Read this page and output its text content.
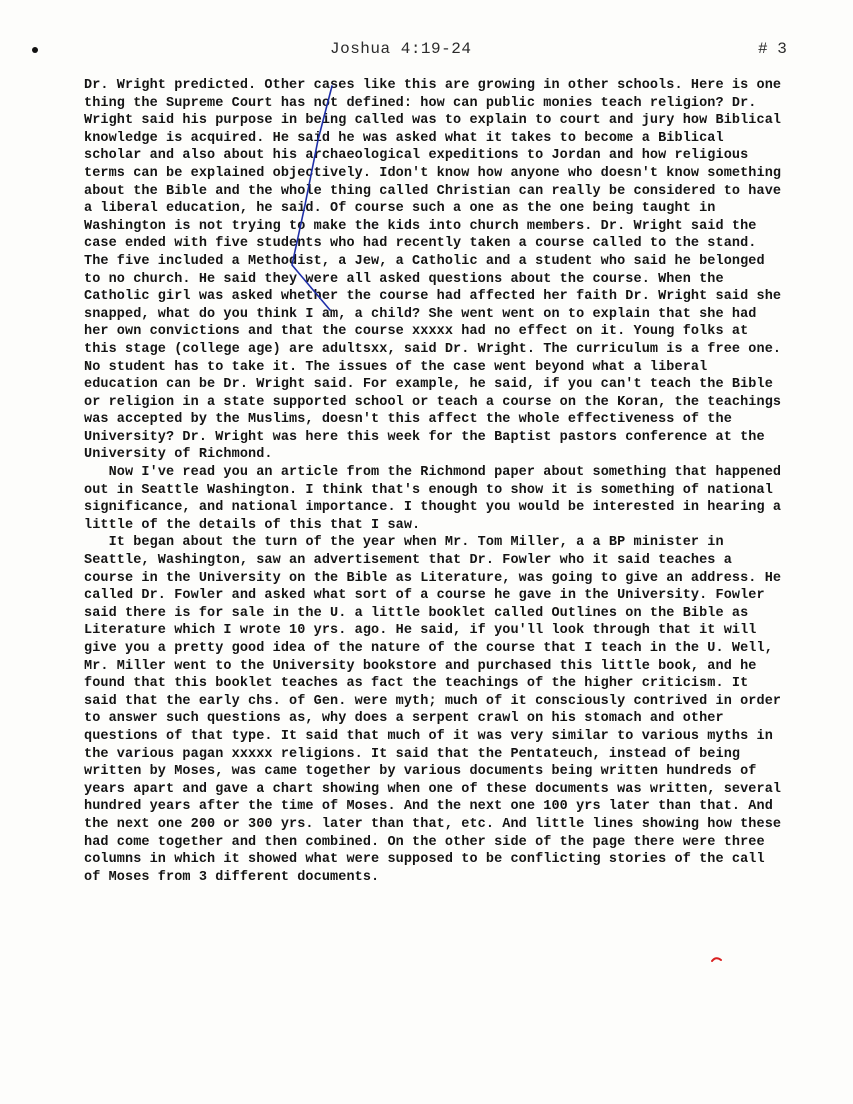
Joshua 4:19-24	# 3

Dr. Wright predicted. Other cases like this are growing in other schools. Here is one thing the Supreme Court has not defined: how can public monies teach religion? Dr. Wright said his purpose in being called was to explain to court and jury how Biblical knowledge is acquired. He said he was asked what it takes to become a Biblical scholar and also about his archaeological expeditions to Jordan and how religious terms can be explained objectively. Idon't know how anyone who doesn't know something about the Bible and the whole thing called Christian can really be considered to have a liberal education, he said. Of course such a one as the one being taught in Washington is not trying to make the kids into church members. Dr. Wright said the case ended with five students who had recently taken a course called to the stand. The five included a Methodist, a Jew, a Catholic and a student who said he belonged to no church. He said they were all asked questions about the course. When the Catholic girl was asked whether the course had affected her faith Dr. Wright said she snapped, what do you think I am, a child? She went went on to explain that she had her own convictions and that the course xxxxx had no effect on it. Young folks at this stage (college age) are adultsxx, said Dr. Wright. The curriculum is a free one. No student has to take it. The issues of the case went beyond what a liberal education can be Dr. Wright said. For example, he said, if you can't teach the Bible or religion in a state supported school or teach a course on the Koran, the teachings was accepted by the Muslims, doesn't this affect the whole effectiveness of the University? Dr. Wright was here this week for the Baptist pastors conference at the University of Richmond.

Now I've read you an article from the Richmond paper about something that happened out in Seattle Washington. I think that's enough to show it is something of national significance, and national importance. I thought you would be interested in hearing a little of the details of this that I saw.

It began about the turn of the year when Mr. Tom Miller, a a BP minister in Seattle, Washington, saw an advertisement that Dr. Fowler who it said teaches a course in the University on the Bible as Literature, was going to give an address. He called Dr. Fowler and asked what sort of a course he gave in the University. Fowler said there is for sale in the U. a little booklet called Outlines on the Bible as Literature which I wrote 10 yrs. ago. He said, if you'll look through that it will give you a pretty good idea of the nature of the course that I teach in the U. Well, Mr. Miller went to the University bookstore and purchased this little book, and he found that this booklet teaches as fact the teachings of the higher criticism. It said that the early chs. of Gen. were myth; much of it consciously contrived in order to answer such questions as, why does a serpent crawl on his stomach and other questions of that type. It said that much of it was very similar to various myths in the various pagan xxxxx religions. It said that the Pentateuch, instead of being written by Moses, was came together by various documents being written hundreds of years apart and gave a chart showing when one of these documents was written, several hundred years after the time of Moses. And the next one 100 yrs later than that. And the next one 200 or 300 yrs. later than that, etc. And little lines showing how these had come together and then combined. On the other side of the page there were three columns in which it showed what were supposed to be conflicting stories of the call of Moses from 3 different documents.
